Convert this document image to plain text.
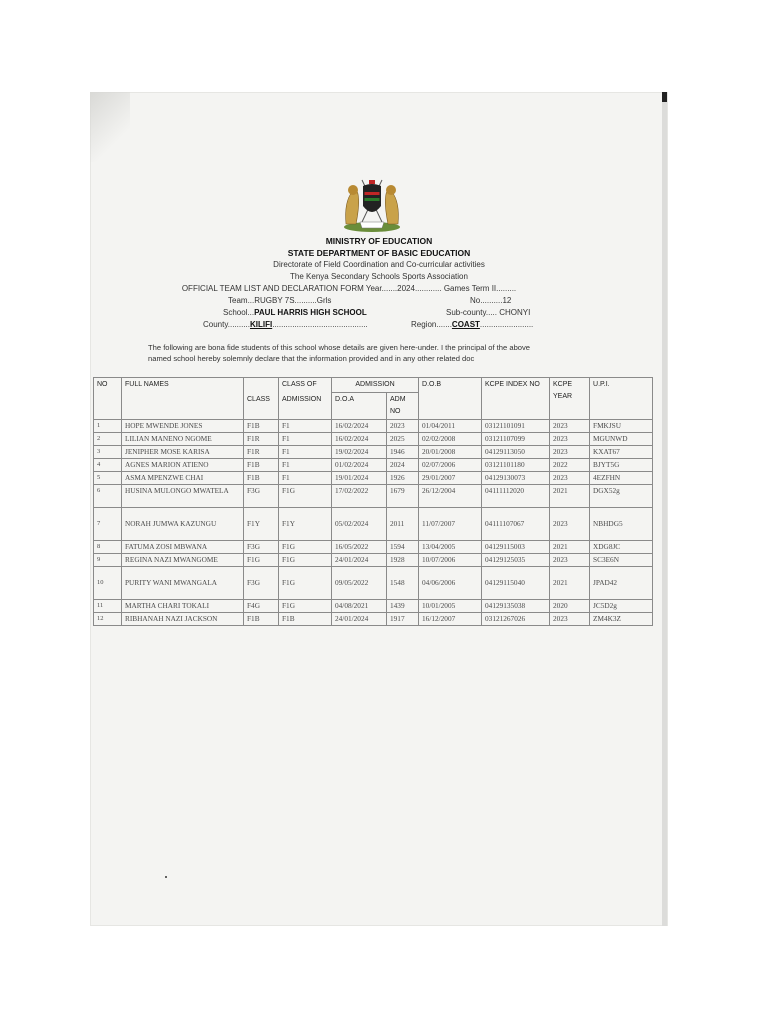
MINISTRY OF EDUCATION
STATE DEPARTMENT OF BASIC EDUCATION
Directorate of Field Coordination and Co-curricular activities
The Kenya Secondary Schools Sports Association
OFFICIAL TEAM LIST AND DECLARATION FORM Year.......2024............ Games Term II.........
Team...RUGBY 7S..........Grls	No..........12
School...PAUL HARRIS HIGH SCHOOL	Sub-county..... CHONYI
County..........KILIFI...........................................	Region.......COAST........................
The following are bona fide students of this school whose details are given here-under. I the principal of the above
named school hereby solemnly declare that the information provided and in any other related doc
NO	FULL NAMES		CLASS OF	ADMISSION		D.O.B	KCPE INDEX NO	KCPE YEAR	U.P.I.
		CLASS	ADMISSION	D.O.A	ADM NO				
1	HOPE MWENDE JONES	F1B	F1	16/02/2024	2023	01/04/2011	03121101091	2023	FMKJSU
2	LILIAN MANENO NGOME	F1R	F1	16/02/2024	2025	02/02/2008	03121107099	2023	MGUNWD
3	JENIPHER MOSE KARISA	F1R	F1	19/02/2024	1946	20/01/2008	04129113050	2023	KXAT67
4	AGNES MARION ATIENO	F1B	F1	01/02/2024	2024	02/07/2006	03121101180	2022	BJYT5G
5	ASMA MPENZWE CHAI	F1B	F1	19/01/2024	1926	29/01/2007	04129130073	2023	4EZFHN
6	HUSINA MULONGO MWATELA	F3G	F1G	17/02/2022	1679	26/12/2004	04111112020	2021	DGX52g
7	NORAH JUMWA KAZUNGU	F1Y	F1Y	05/02/2024	2011	11/07/2007	04111107067	2023	NBHDG5
8	FATUMA ZOSI MBWANA	F3G	F1G	16/05/2022	1594	13/04/2005	04129115003	2021	XDG8JC
9	REGINA NAZI MWANGOME	F1G	F1G	24/01/2024	1928	10/07/2006	04129125035	2023	SC3E6N
10	PURITY WANI MWANGALA	F3G	F1G	09/05/2022	1548	04/06/2006	04129115040	2021	JPAD42
11	MARTHA CHARI TOKALI	F4G	F1G	04/08/2021	1439	10/01/2005	04129135038	2020	JC5D2g
12	RIBHANAH NAZI JACKSON	F1B	F1B	24/01/2024	1917	16/12/2007	03121267026	2023	ZM4K3Z
